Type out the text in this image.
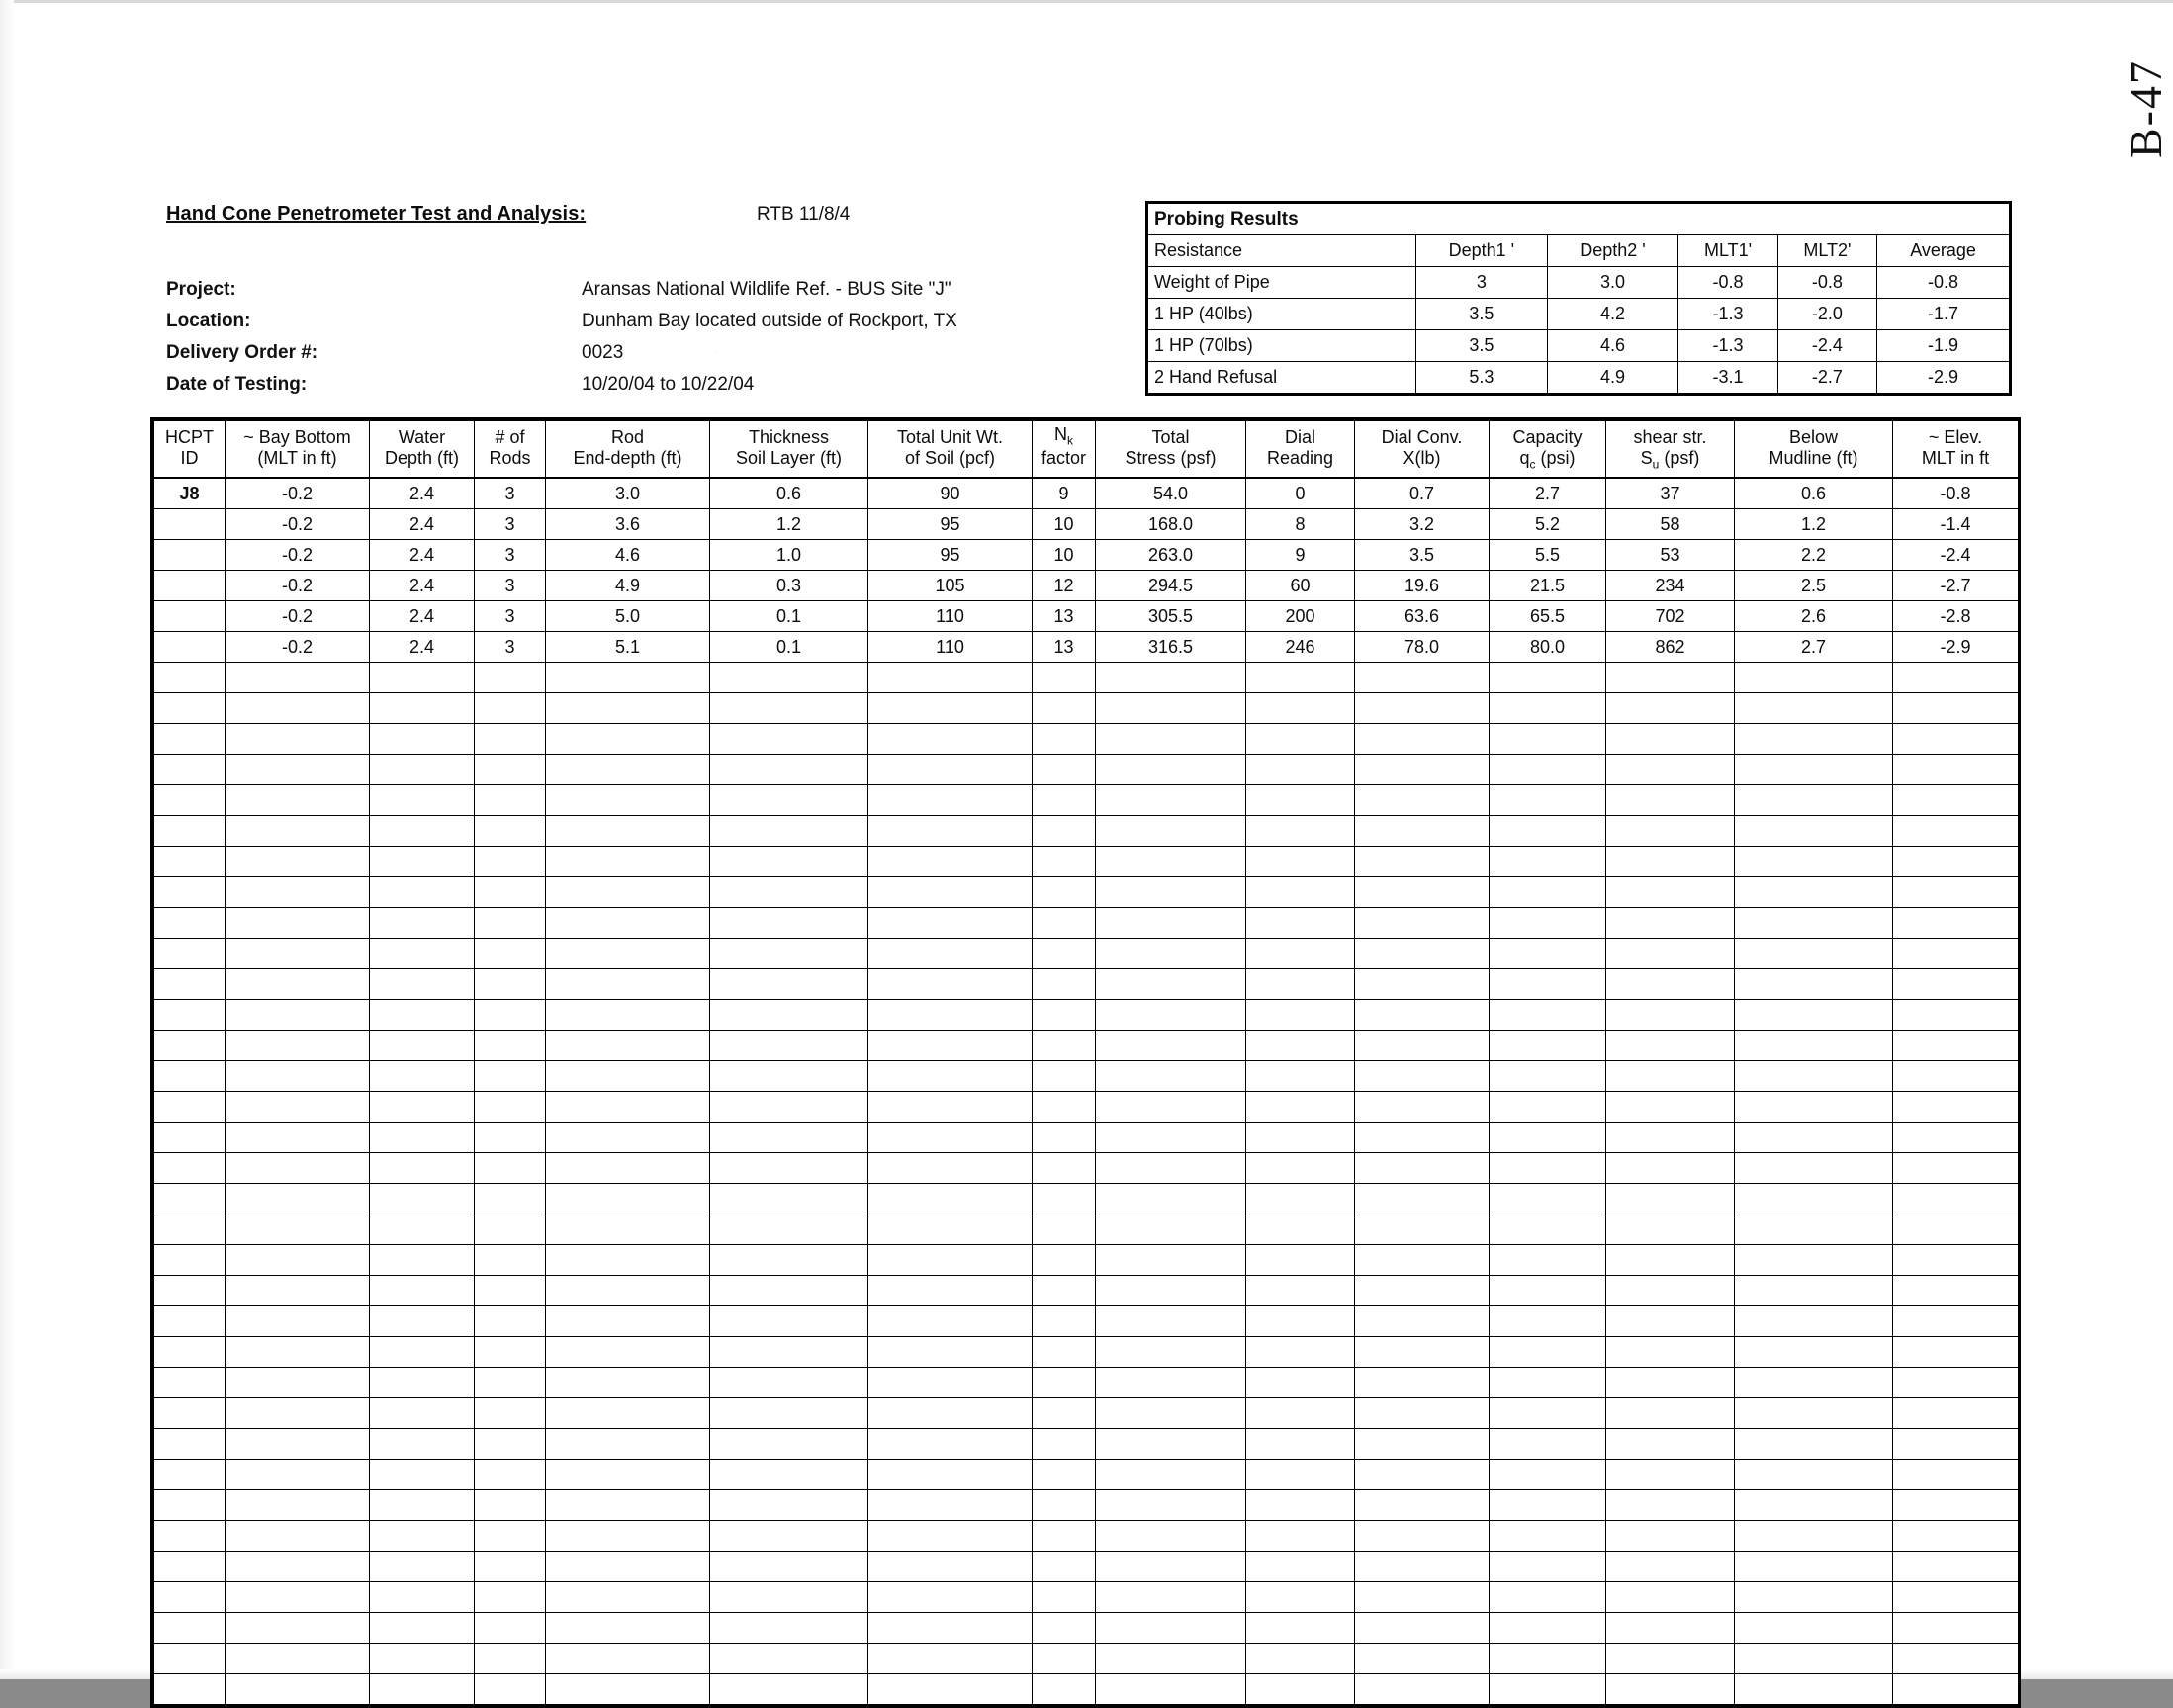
B-47
Hand Cone Penetrometer Test and Analysis:	RTB 11/8/4
Project:	Aransas National Wildlife Ref. - BUS Site "J"
Location:	Dunham Bay located outside of Rockport, TX
Delivery Order #:	0023
Date of Testing:	10/20/04 to 10/22/04
Probing Results					
Resistance	Depth1 '	Depth2 '	MLT1'	MLT2'	Average
Weight of Pipe	3	3.0	-0.8	-0.8	-0.8
1 HP (40lbs)	3.5	4.2	-1.3	-2.0	-1.7
1 HP (70lbs)	3.5	4.6	-1.3	-2.4	-1.9
2 Hand Refusal	5.3	4.9	-3.1	-2.7	-2.9
HCPT	~ Bay Bottom	Water	# of	Rod	Thickness	Total Unit Wt.	$N_k$	Total	Dial	Dial Conv.	Capacity	shear str.	Below	~ Elev.
ID	(MLT in ft)	Depth (ft)	Rods	End-depth (ft)	Soil Layer (ft)	of Soil (pcf)	factor	Stress (psf)	Reading	X(lb)	$q_c$ (psi)	$S_u$ (psf)	Mudline (ft)	MLT in ft
J8	-0.2	2.4	3	3.0	0.6	90	9	54.0	0	0.7	2.7	37	0.6	-0.8
	-0.2	2.4	3	3.6	1.2	95	10	168.0	8	3.2	5.2	58	1.2	-1.4
	-0.2	2.4	3	4.6	1.0	95	10	263.0	9	3.5	5.5	53	2.2	-2.4
	-0.2	2.4	3	4.9	0.3	105	12	294.5	60	19.6	21.5	234	2.5	-2.7
	-0.2	2.4	3	5.0	0.1	110	13	305.5	200	63.6	65.5	702	2.6	-2.8
	-0.2	2.4	3	5.1	0.1	110	13	316.5	246	78.0	80.0	862	2.7	-2.9
